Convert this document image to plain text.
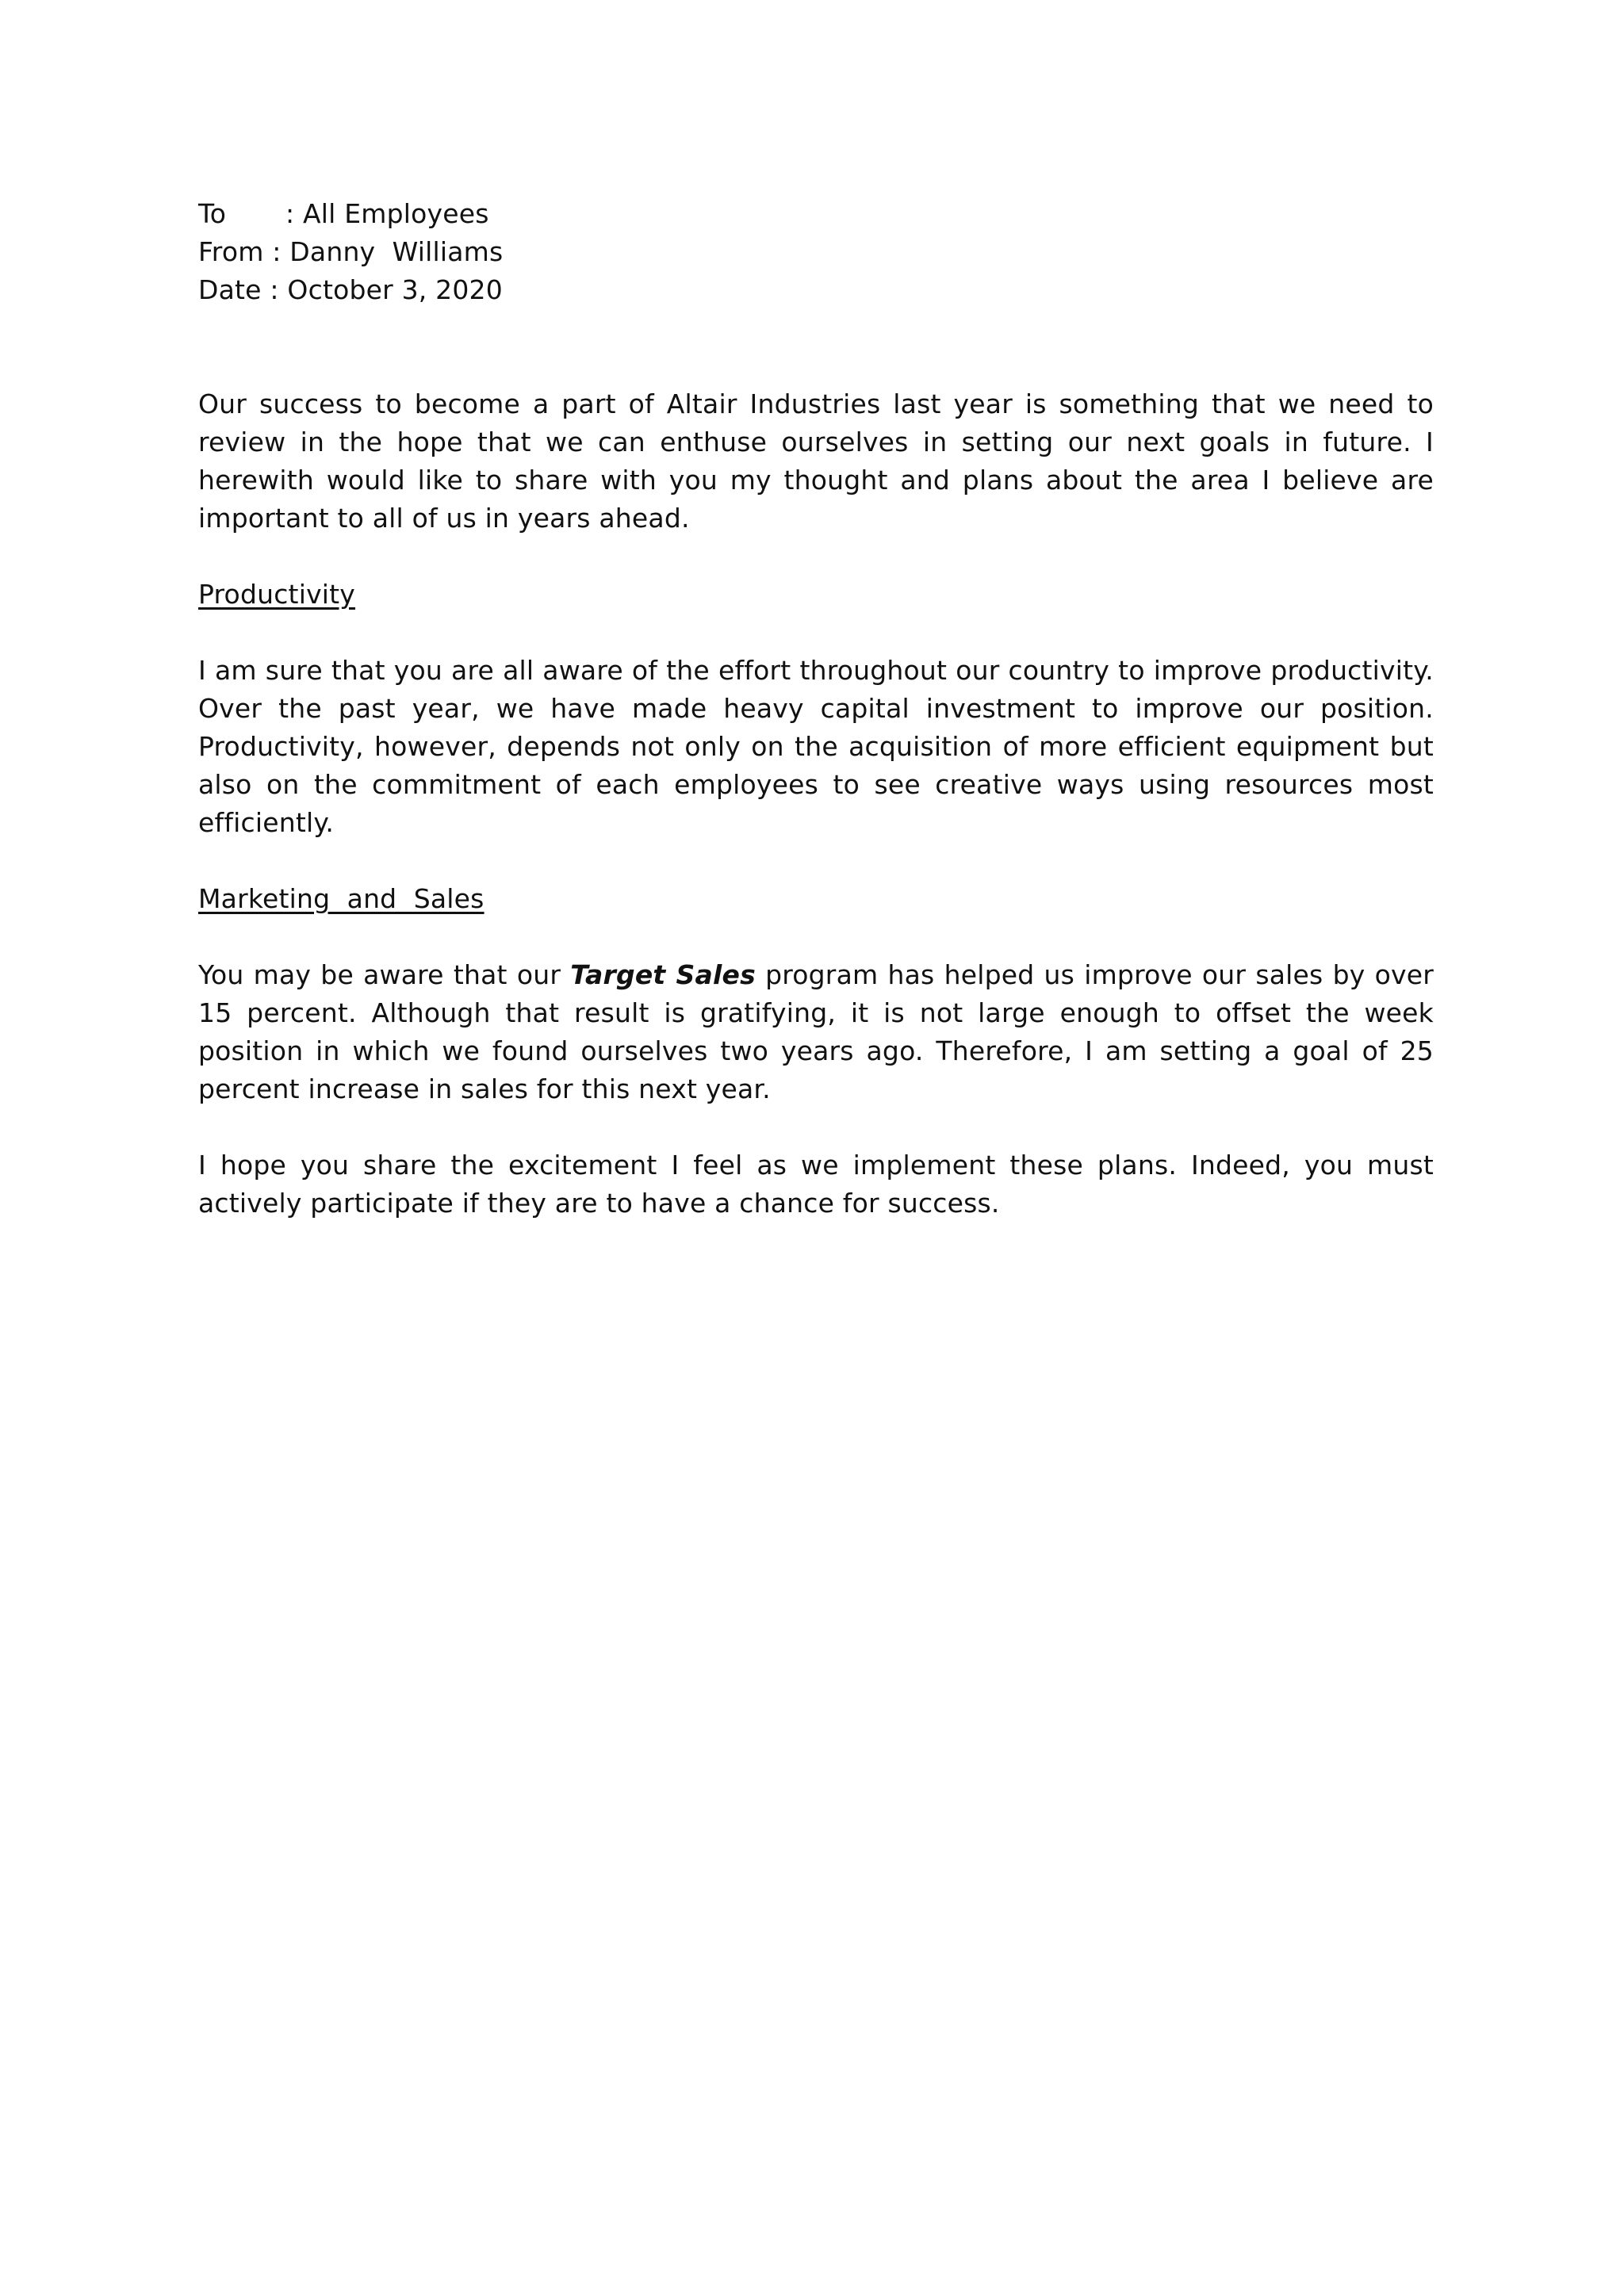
To : All Employees
From : Danny  Williams
Date : October 3, 2020

Our success to become a part of Altair Industries last year is something that we need to review in the hope that we can enthuse ourselves in setting our next goals in future. I herewith would like to share with you my thought and plans about the area I believe are important to all of us in years ahead.

Productivity

I am sure that you are all aware of the effort throughout our country to improve productivity. Over the past year, we have made heavy capital investment to improve our position. Productivity, however, depends not only on the acquisition of more efficient equipment but also on the commitment of each employees to see creative ways using resources most efficiently.

Marketing  and  Sales

You may be aware that our Target Sales program has helped us improve our sales by over 15 percent. Although that result is gratifying, it is not large enough to offset the week position in which we found ourselves two years ago. Therefore, I am setting a goal of 25 percent increase in sales for this next year.

I hope you share the excitement I feel as we implement these plans. Indeed, you must actively participate if they are to have a chance for success.
